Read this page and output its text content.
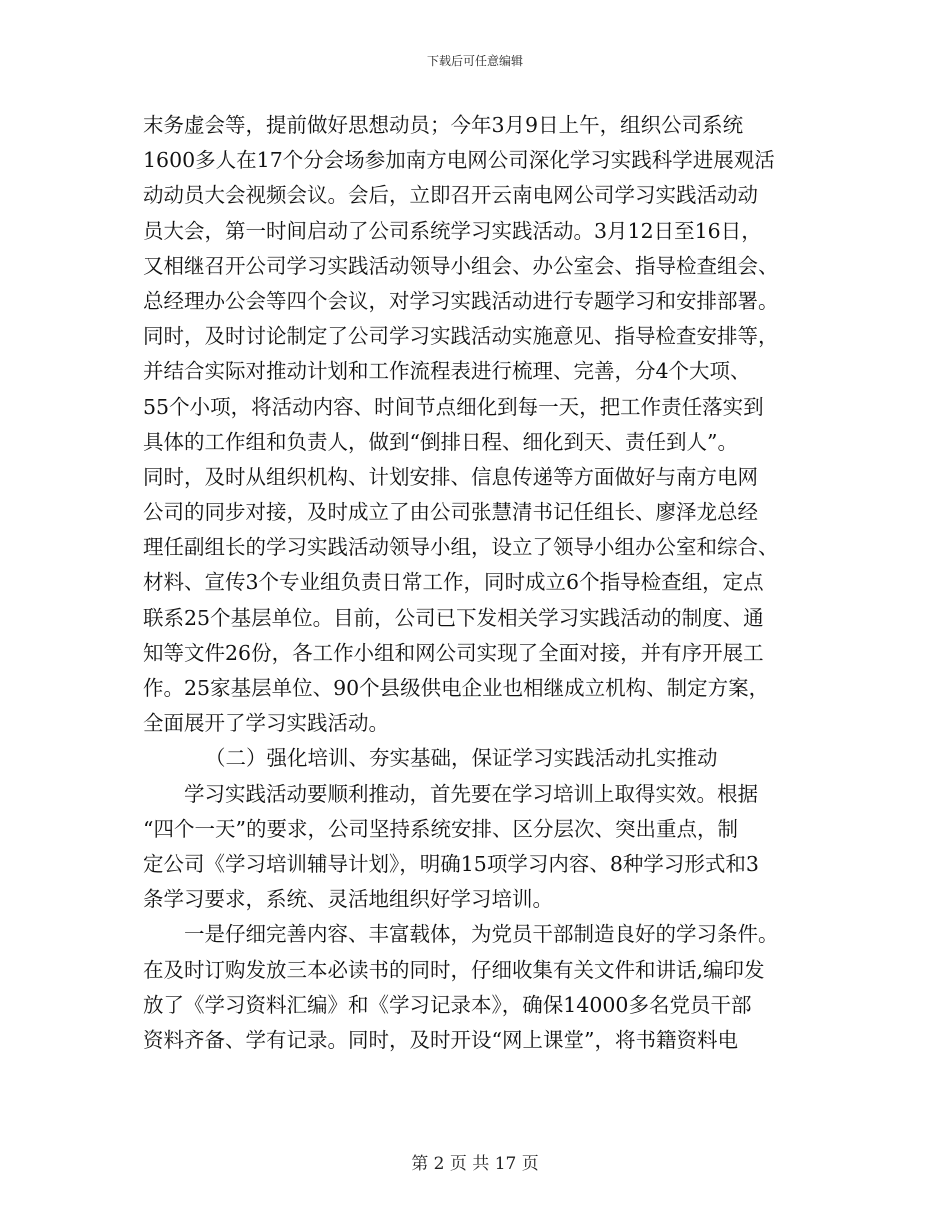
下载后可任意编辑
末务虚会等，提前做好思想动员；今年3月9日上午，组织公司系统
1600多人在17个分会场参加南方电网公司深化学习实践科学进展观活
动动员大会视频会议。会后，立即召开云南电网公司学习实践活动动
员大会，第一时间启动了公司系统学习实践活动。3月12日至16日，
又相继召开公司学习实践活动领导小组会、办公室会、指导检查组会、
总经理办公会等四个会议，对学习实践活动进行专题学习和安排部署。
同时，及时讨论制定了公司学习实践活动实施意见、指导检查安排等，
并结合实际对推动计划和工作流程表进行梳理、完善，分4个大项、
55个小项，将活动内容、时间节点细化到每一天，把工作责任落实到
具体的工作组和负责人，做到“倒排日程、细化到天、责任到人”。
同时，及时从组织机构、计划安排、信息传递等方面做好与南方电网
公司的同步对接，及时成立了由公司张慧清书记任组长、廖泽龙总经
理任副组长的学习实践活动领导小组，设立了领导小组办公室和综合、
材料、宣传3个专业组负责日常工作，同时成立6个指导检查组，定点
联系25个基层单位。目前，公司已下发相关学习实践活动的制度、通
知等文件26份，各工作小组和网公司实现了全面对接，并有序开展工
作。25家基层单位、90个县级供电企业也相继成立机构、制定方案，
全面展开了学习实践活动。
（二）强化培训、夯实基础，保证学习实践活动扎实推动
学习实践活动要顺利推动，首先要在学习培训上取得实效。根据
“四个一天”的要求，公司坚持系统安排、区分层次、突出重点，制
定公司《学习培训辅导计划》，明确15项学习内容、8种学习形式和3
条学习要求，系统、灵活地组织好学习培训。
一是仔细完善内容、丰富载体，为党员干部制造良好的学习条件。
在及时订购发放三本必读书的同时，仔细收集有关文件和讲话,编印发
放了《学习资料汇编》和《学习记录本》，确保14000多名党员干部
资料齐备、学有记录。同时，及时开设“网上课堂”，将书籍资料电
第 2 页 共 17 页
